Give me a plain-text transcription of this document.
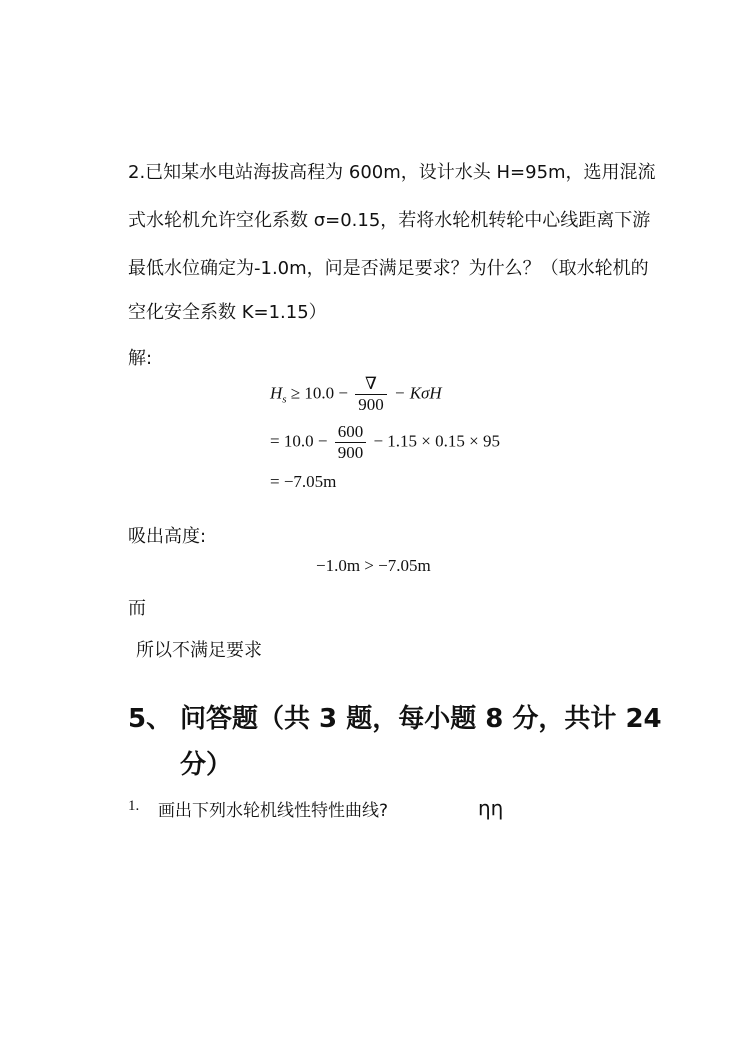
2.已知某水电站海拔高程为 600m，设计水头 H=95m，选用混流
式水轮机允许空化系数 σ=0.15，若将水轮机转轮中心线距离下游
最低水位确定为-1.0m，问是否满足要求？为什么？（取水轮机的
空化安全系数 K=1.15）
解:
$H_s \ge 10.0 - \frac{\nabla}{900} - K\sigma H$
= $10.0 - \frac{600}{900} - 1.15 \times 0.15 \times 95$
= −7.05m
吸出高度:
−1.0m > −7.05m
而
所以不满足要求
5、 问答题（共 3 题，每小题 8 分，共计 24
分）
1. 画出下列水轮机线性特性曲线?	ηη
